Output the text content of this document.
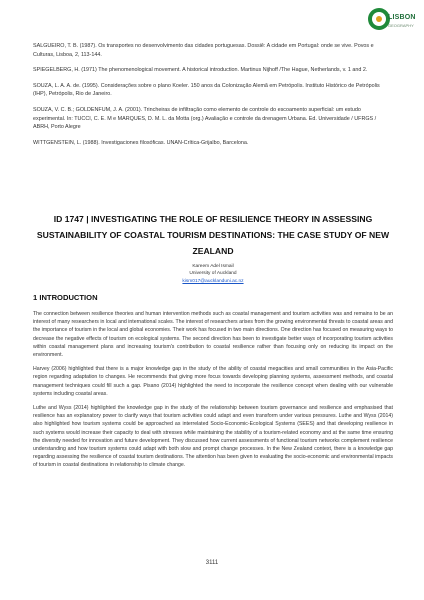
LISBON
GEOGRAPHY

SALGUEIRO, T. B. (1987). Os transportes no desenvolvimento das cidades portuguesas. Dossiê: A cidade em Portugal: onde se vive. Povos e Culturas, Lisboa, 2, 113-144.

SPIEGELBERG, H. (1971) The phenomenological movement. A historical introduction. Martinus Nijhoff /The Hague, Netherlands, v. 1 and 2.

SOUZA, L. A. A. de. (1995). Considerações sobre o plano Koeler. 150 anos da Colonização Alemã em Petrópolis. Instituto Histórico de Petrópolis (IHP), Petrópolis, Rio de Janeiro.

SOUZA, V. C. B.; GOLDENFUM, J. A. (2001). Trincheiras de infiltração como elemento de controle do escoamento superficial: um estudo experimental. In: TUCCI, C. E. M e MARQUES, D. M. L. da Motta (org.) Avaliação e controle da drenagem Urbana. Ed. Universidade / UFRGS / ABRH, Porto Alegre

WITTGENSTEIN, L. (1988). Investigaciones filosóficas. UNAN-Crítica-Grijalbo, Barcelona.

ID 1747 | INVESTIGATING THE ROLE OF RESILIENCE THEORY IN ASSESSING SUSTAINABILITY OF COASTAL TOURISM DESTINATIONS: THE CASE STUDY OF NEW ZEALAND
Kareem Adel Ismail
University of Auckland
kism017@aucklanduni.ac.nz
1 INTRODUCTION

The connection between resilience theories and human intervention methods such as coastal management and tourism activities was and remains to be an interest of many researchers in local and international scales. The interest of researchers arises from the growing environmental threats to coastal areas and the importance of tourism in the local and global economies. Their work has focused in two main directions. One direction has focused on measuring ways to decrease the negative effects of tourism on ecological systems. The second direction has been to investigate better ways of incorporating tourism activities within coastal management plans and increasing tourism's contribution to coastal resilience rather than focusing only on reducing its impact on the environment.

Harvey (2006) highlighted that there is a major knowledge gap in the study of the ability of coastal megacities and small communities in the Asia-Pacific region regarding adaptation to changes. He recommends that giving more focus towards developing planning systems, assessment methods, and coastal management techniques could fill such a gap. Pisano (2014) highlighted the need to incorporate the resilience concept when dealing with our vulnerable systems including coastal areas.

Luthe and Wyss (2014) highlighted the knowledge gap in the study of the relationship between tourism governance and resilience and emphasised that resilience has an explanatory power to clarify ways that tourism activities could adapt and even transform under various pressures. Luthe and Wyss (2014) also highlighted how tourism systems could be approached as interrelated Socio-Economic-Ecological Systems (SEES) and that developing resilience in such systems would increase their capacity to deal with stresses while maintaining the stability of a tourism-related economy and at the same time ensuring the diversity needed for innovation and future development. They discussed how current assessments of functional tourism networks complement resilience understanding and how tourism systems could adapt with both slow and prompt change processes. In the New Zealand context, there is a knowledge gap regarding assessing the resilience of coastal tourism destinations. The attention has been given to evaluating the socio-economic and environmental impacts of tourism in coastal destinations in relationship to climate change.

3111
